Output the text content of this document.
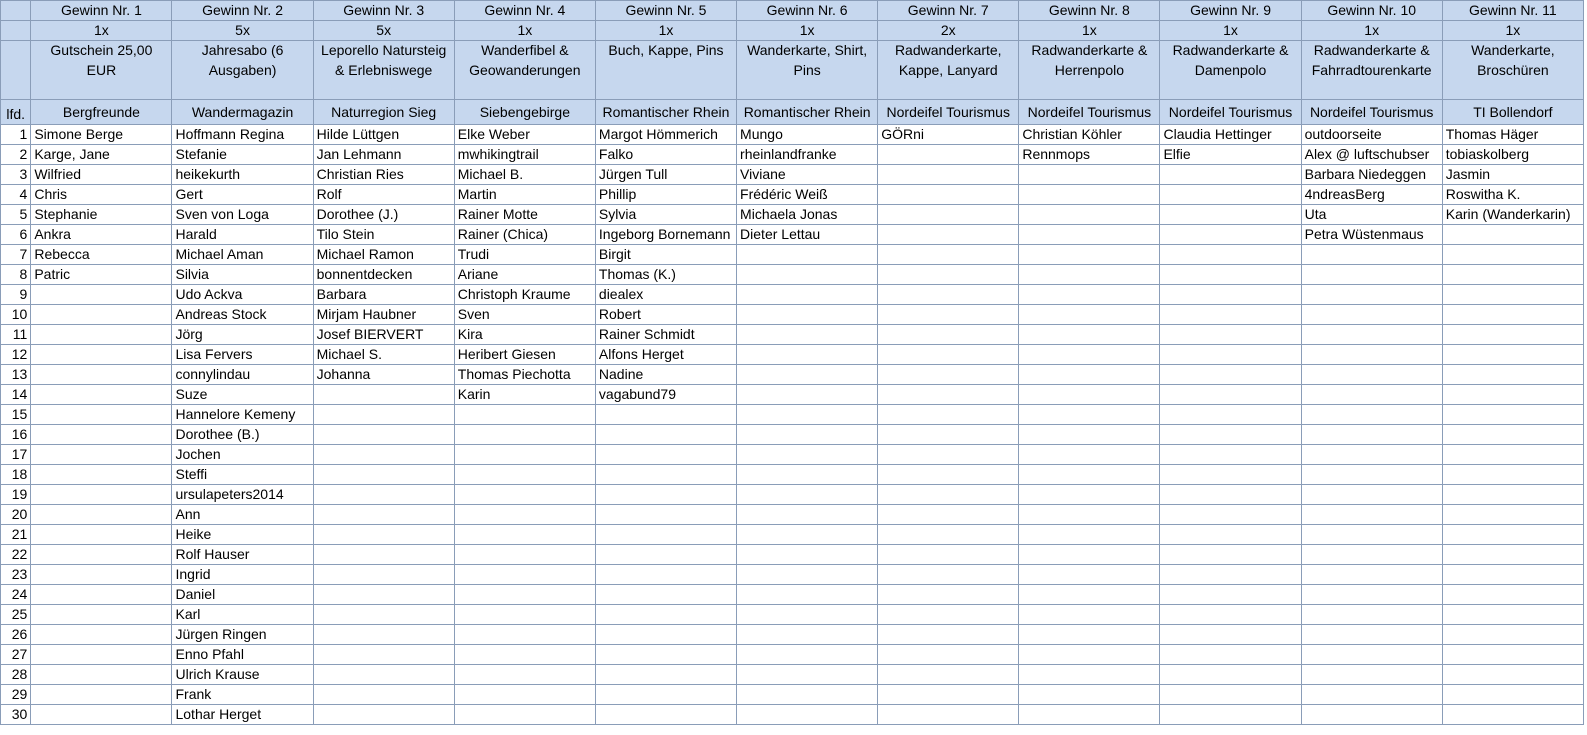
	Gewinn Nr. 1	Gewinn Nr. 2	Gewinn Nr. 3	Gewinn Nr. 4	Gewinn Nr. 5	Gewinn Nr. 6	Gewinn Nr. 7	Gewinn Nr. 8	Gewinn Nr. 9	Gewinn Nr. 10	Gewinn Nr. 11
	1x	5x	5x	1x	1x	1x	2x	1x	1x	1x	1x
	Gutschein 25,00 EUR	Jahresabo (6 Ausgaben)	Leporello Natursteig & Erlebniswege	Wanderfibel & Geowanderungen	Buch, Kappe, Pins	Wanderkarte, Shirt, Pins	Radwanderkarte, Kappe, Lanyard	Radwanderkarte & Herrenpolo	Radwanderkarte & Damenpolo	Radwanderkarte & Fahrradtourenkarte	Wanderkarte, Broschüren
lfd.	Bergfreunde	Wandermagazin	Naturregion Sieg	Siebengebirge	Romantischer Rhein	Romantischer Rhein	Nordeifel Tourismus	Nordeifel Tourismus	Nordeifel Tourismus	Nordeifel Tourismus	TI Bollendorf
1	Simone Berge	Hoffmann Regina	Hilde Lüttgen	Elke Weber	Margot Hömmerich	Mungo	GÖRni	Christian Köhler	Claudia Hettinger	outdoorseite	Thomas Häger
2	Karge, Jane	Stefanie	Jan Lehmann	mwhikingtrail	Falko	rheinlandfranke		Rennmops	Elfie	Alex @ luftschubser	tobiaskolberg
3	Wilfried	heikekurth	Christian Ries	Michael B.	Jürgen Tull	Viviane				Barbara Niedeggen	Jasmin
4	Chris	Gert	Rolf	Martin	Phillip	Frédéric Weiß				4ndreasBerg	Roswitha K.
5	Stephanie	Sven von Loga	Dorothee (J.)	Rainer Motte	Sylvia	Michaela Jonas				Uta	Karin (Wanderkarin)
6	Ankra	Harald	Tilo Stein	Rainer (Chica)	Ingeborg Bornemann	Dieter Lettau				Petra Wüstenmaus	
7	Rebecca	Michael Aman	Michael Ramon	Trudi	Birgit						
8	Patric	Silvia	bonnentdecken	Ariane	Thomas (K.)						
9		Udo Ackva	Barbara	Christoph Kraume	diealex						
10		Andreas Stock	Mirjam Haubner	Sven	Robert						
11		Jörg	Josef BIERVERT	Kira	Rainer Schmidt						
12		Lisa Fervers	Michael S.	Heribert Giesen	Alfons Herget						
13		connylindau	Johanna	Thomas Piechotta	Nadine						
14		Suze		Karin	vagabund79						
15		Hannelore Kemeny									
16		Dorothee (B.)									
17		Jochen									
18		Steffi									
19		ursulapeters2014									
20		Ann									
21		Heike									
22		Rolf Hauser									
23		Ingrid									
24		Daniel									
25		Karl									
26		Jürgen Ringen									
27		Enno Pfahl									
28		Ulrich Krause									
29		Frank									
30		Lothar Herget									
